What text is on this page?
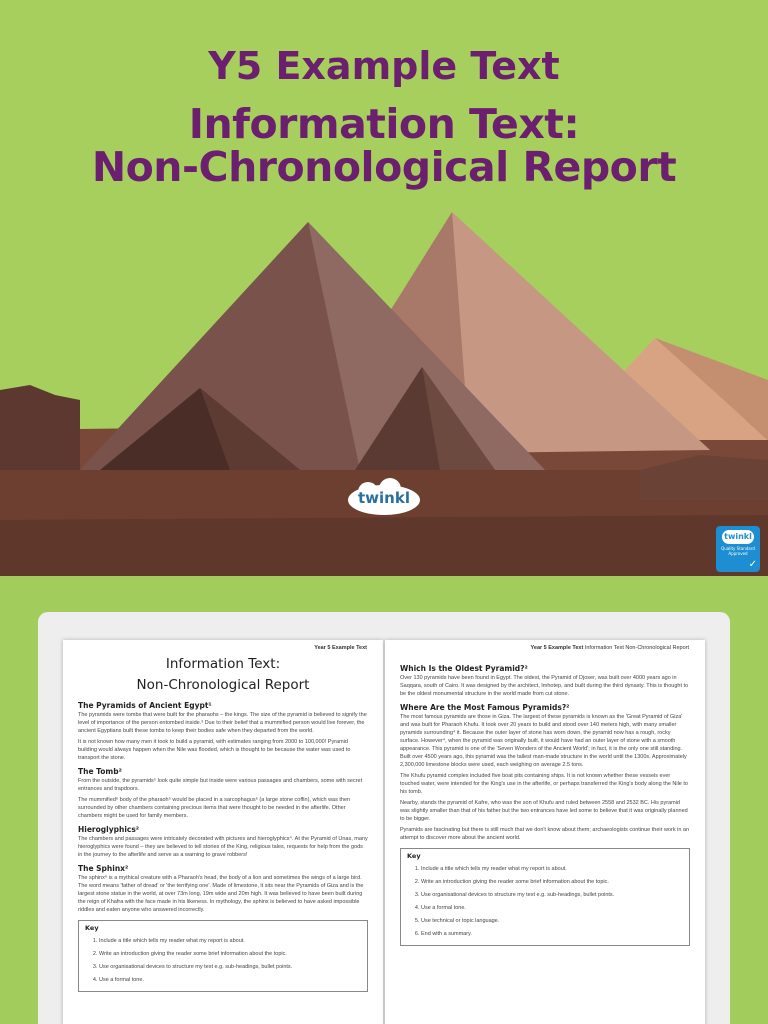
Y5 Example Text
Information Text:
Non-Chronological Report
twinkl
twinkl
Quality Standard Approved
✓
Year 5 Example Text
Information Text:
Non-Chronological Report
The Pyramids of Ancient Egypt¹

The pyramids were tombs that were built for the pharaohs – the kings. The size of the pyramid is believed to signify the level of importance of the person entombed inside.³ Due to their belief that a mummified person would live forever, the ancient Egyptians built these tombs to keep their bodies safe when they departed from the world.

It is not known how many men it took to build a pyramid, with estimates ranging from 2000 to 100,000! Pyramid building would always happen when the Nile was flooded, which is thought to be because the water was used to transport the stone.

The Tomb²

From the outside, the pyramids⁵ look quite simple but inside were various passages and chambers, some with secret entrances and trapdoors.

The mummified⁶ body of the pharaoh⁵ would be placed in a sarcophagus⁶ (a large stone coffin), which was then surrounded by other chambers containing precious items that were thought to be needed in the afterlife. Other chambers might be used for family members.

Hieroglyphics²

The chambers and passages were intricately decorated with pictures and hieroglyphics⁴. At the Pyramid of Unas, many hieroglyphics were found – they are believed to tell stories of the King, religious tales, requests for help from the gods in the journey to the afterlife and serve as a warning to grave robbers!

The Sphinx²

The sphinx⁶ is a mythical creature with a Pharaoh's head, the body of a lion and sometimes the wings of a large bird. The word means 'father of dread' or 'the terrifying one'. Made of limestone, it sits near the Pyramids of Giza and is the largest stone statue in the world, at over 73m long, 19m wide and 20m high. It was believed to have been built during the reign of Khafra with the face made in his likeness. In mythology, the sphinx is believed to have asked impossible riddles and eaten anyone who answered incorrectly.

Key
1. Include a title which tells my reader what my report is about.
2. Write an introduction giving the reader some brief information about the topic.
3. Use organisational devices to structure my text e.g. sub-headings, bullet points.
4. Use a formal tone.
Year 5 Example Text Information Text Non-Chronological Report
Which Is the Oldest Pyramid?²

Over 130 pyramids have been found in Egypt. The oldest, the Pyramid of Djoser, was built over 4000 years ago in Saqqara, south of Cairo. It was designed by the architect, Imhotep, and built during the third dynasty. This is thought to be the oldest monumental structure in the world made from cut stone.

Where Are the Most Famous Pyramids?²

The most famous pyramids are those in Giza. The largest of these pyramids is known as the 'Great Pyramid of Giza' and was built for Pharaoh Khufu. It took over 20 years to build and stood over 140 meters high, with many smaller pyramids surrounding⁴ it. Because the outer layer of stone has worn down, the pyramid now has a rough, rocky surface. However⁴, when the pyramid was originally built, it would have had an outer layer of stone with a smooth appearance. This pyramid is one of the 'Seven Wonders of the Ancient World'; in fact, it is the only one still standing. Built over 4500 years ago, this pyramid was the tallest man-made structure in the world until the 1300s. Approximately 2,300,000 limestone blocks were used, each weighing on average 2.5 tons.

The Khufu pyramid complex included five boat pits containing ships. It is not known whether these vessels ever touched water, were intended for the King's use in the afterlife, or perhaps transferred the King's body along the Nile to his tomb.

Nearby, stands the pyramid of Kafre, who was the son of Khufu and ruled between 2558 and 2532 BC. His pyramid was slightly smaller than that of his father but the two entrances have led some to believe that it was originally planned to be bigger.

Pyramids are fascinating but there is still much that we don't know about them; archaeologists continue their work in an attempt to discover more about the ancient world.

Key
1. Include a title which tells my reader what my report is about.
2. Write an introduction giving the reader some brief information about the topic.
3. Use organisational devices to structure my text e.g. sub-headings, bullet points.
4. Use a formal tone.
5. Use technical or topic language.
6. End with a summary.
